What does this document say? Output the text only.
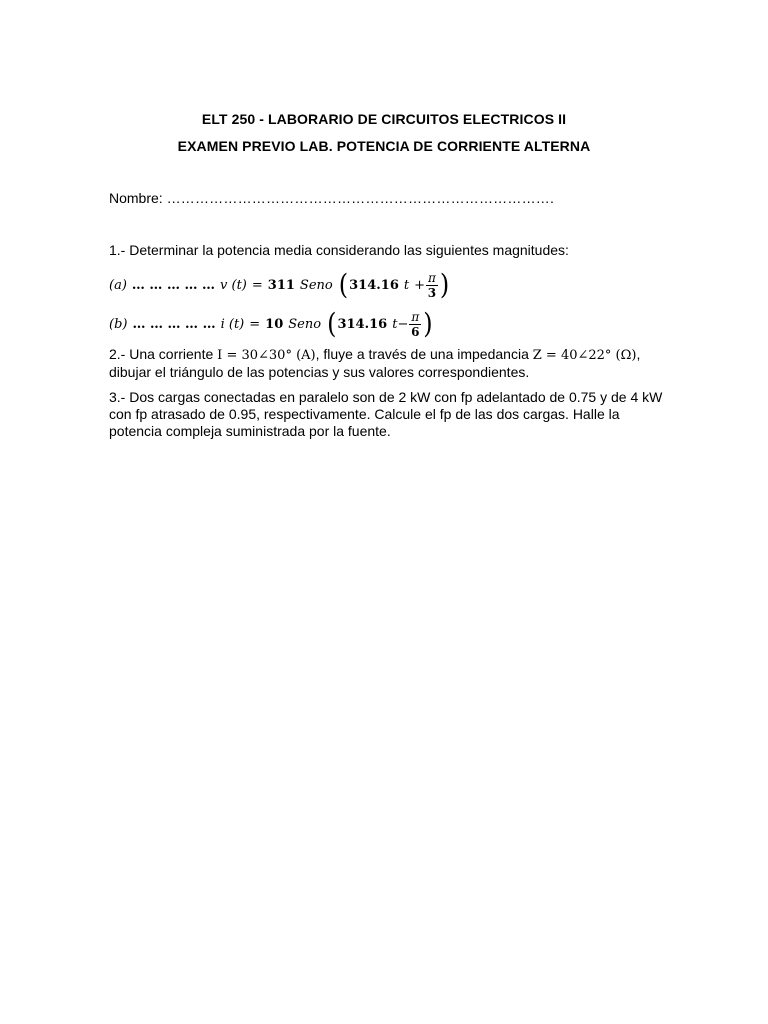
ELT 250 - LABORARIO DE CIRCUITOS ELECTRICOS II
EXAMEN PREVIO LAB. POTENCIA DE CORRIENTE ALTERNA
Nombre: ……………………………………………………………………….
1.- Determinar la potencia media considerando las siguientes magnitudes:
(a) … … … … … v (t) = 311 Seno ( 314.16 $t + \frac{\pi}{3}$ )
(b) … … … … … i (t) = 10 Seno ( 314.16 $t - \frac{\pi}{6}$ )
2.- Una corriente I = 30∠30° (A), fluye a través de una impedancia Z = 40∠22° (Ω), dibujar el triángulo de las potencias y sus valores correspondientes.
3.- Dos cargas conectadas en paralelo son de 2 kW con fp adelantado de 0.75 y de 4 kW con fp atrasado de 0.95, respectivamente. Calcule el fp de las dos cargas. Halle la potencia compleja suministrada por la fuente.
